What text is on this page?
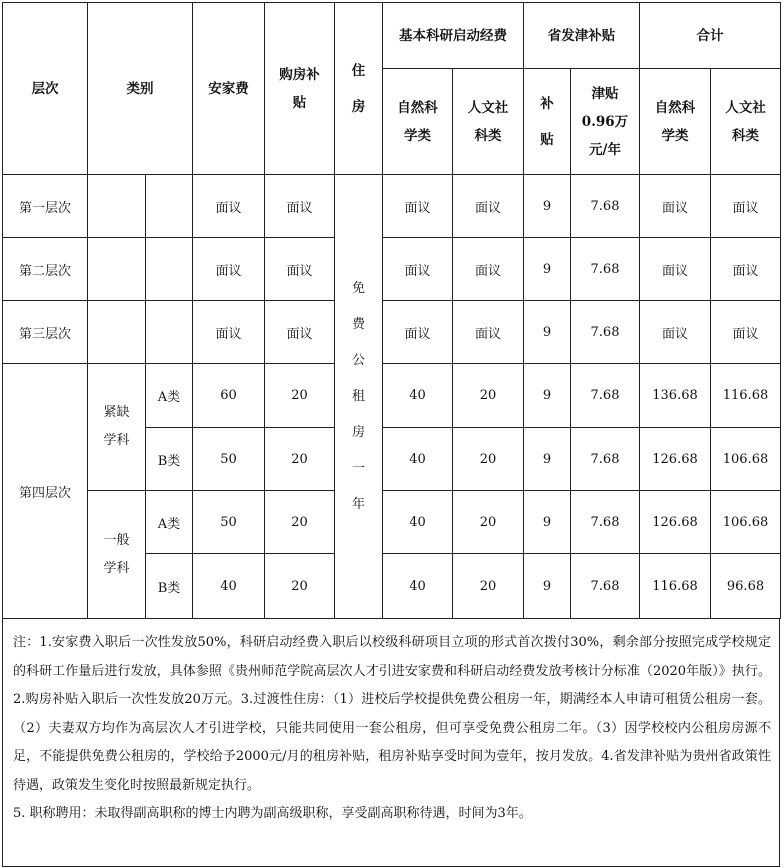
层次	类别		安家费	购房补贴	住房	基本科研启动经费		省发津补贴		合计	
						自然科学类	人文社科类	补贴	津贴0.96万元/年	自然科学类	人文社科类
第一层次			面议	面议	免费公租房一年	面议	面议	9	7.68	面议	面议
第二层次			面议	面议		面议	面议	9	7.68	面议	面议
第三层次			面议	面议		面议	面议	9	7.68	面议	面议
第四层次	紧缺学科	A类	60	20		40	20	9	7.68	136.68	116.68
		B类	50	20		40	20	9	7.68	126.68	106.68
	一般学科	A类	50	20		40	20	9	7.68	126.68	106.68
		B类	40	20		40	20	9	7.68	116.68	96.68
注：1.安家费入职后一次性发放50%，科研启动经费入职后以校级科研项目立项的形式首次拨付30%，剩余部分按照完成学校规定的科研工作量后进行发放，具体参照《贵州师范学院高层次人才引进安家费和科研启动经费发放考核计分标准（2020年版）》执行。2.购房补贴入职后一次性发放20万元。3.过渡性住房：（1）进校后学校提供免费公租房一年，期满经本人申请可租赁公租房一套。（2）夫妻双方均作为高层次人才引进学校，只能共同使用一套公租房，但可享受免费公租房二年。（3）因学校校内公租房房源不足，不能提供免费公租房的，学校给予2000元/月的租房补贴，租房补贴享受时间为壹年，按月发放。4.省发津补贴为贵州省政策性待遇，政策发生变化时按照最新规定执行。
5. 职称聘用：未取得副高职称的博士内聘为副高级职称，享受副高职称待遇，时间为3年。
